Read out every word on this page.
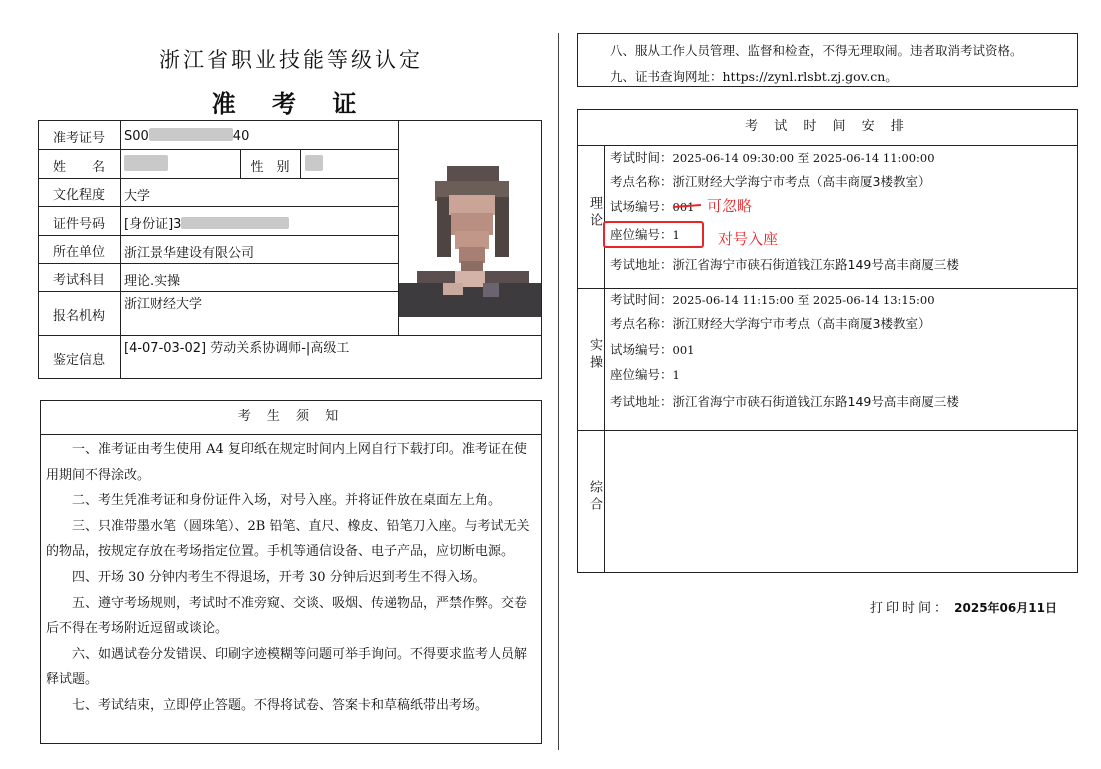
浙江省职业技能等级认定
准 考 证
准考证号
姓　　名
文化程度
证件号码
所在单位
考试科目
报名机构
鉴定信息
性　别
S00	40
大学
[身份证]3
浙江景华建设有限公司
理论.实操
浙江财经大学
[4-07-03-02] 劳动关系协调师-|高级工
考 生 须 知

一、准考证由考生使用 A4 复印纸在规定时间内上网自行下载打印。准考证在使用期间不得涂改。

二、考生凭准考证和身份证件入场，对号入座。并将证件放在桌面左上角。

三、只准带墨水笔（圆珠笔）、2B 铅笔、直尺、橡皮、铅笔刀入座。与考试无关的物品，按规定存放在考场指定位置。手机等通信设备、电子产品，应切断电源。

四、开场 30 分钟内考生不得退场，开考 30 分钟后迟到考生不得入场。

五、遵守考场规则，考试时不准旁窥、交谈、吸烟、传递物品，严禁作弊。交卷后不得在考场附近逗留或谈论。

六、如遇试卷分发错误、印刷字迹模糊等问题可举手询问。不得要求监考人员解释试题。

七、考试结束，立即停止答题。不得将试卷、答案卡和草稿纸带出考场。

八、服从工作人员管理、监督和检查，不得无理取闹。违者取消考试资格。
九、证书查询网址：https://zynl.rlsbt.zj.gov.cn。
考 试 时 间 安 排
理论
考试时间：2025-06-14 09:30:00 至 2025-06-14 11:00:00
考点名称：浙江财经大学海宁市考点（高丰商厦3楼教室）
试场编号：001 可忽略
座位编号：1	对号入座
考试地址：浙江省海宁市硖石街道钱江东路149号高丰商厦三楼
实操
考试时间：2025-06-14 11:15:00 至 2025-06-14 13:15:00
考点名称：浙江财经大学海宁市考点（高丰商厦3楼教室）
试场编号：001
座位编号：1
考试地址：浙江省海宁市硖石街道钱江东路149号高丰商厦三楼
综合
打印时间： 2025年06月11日
